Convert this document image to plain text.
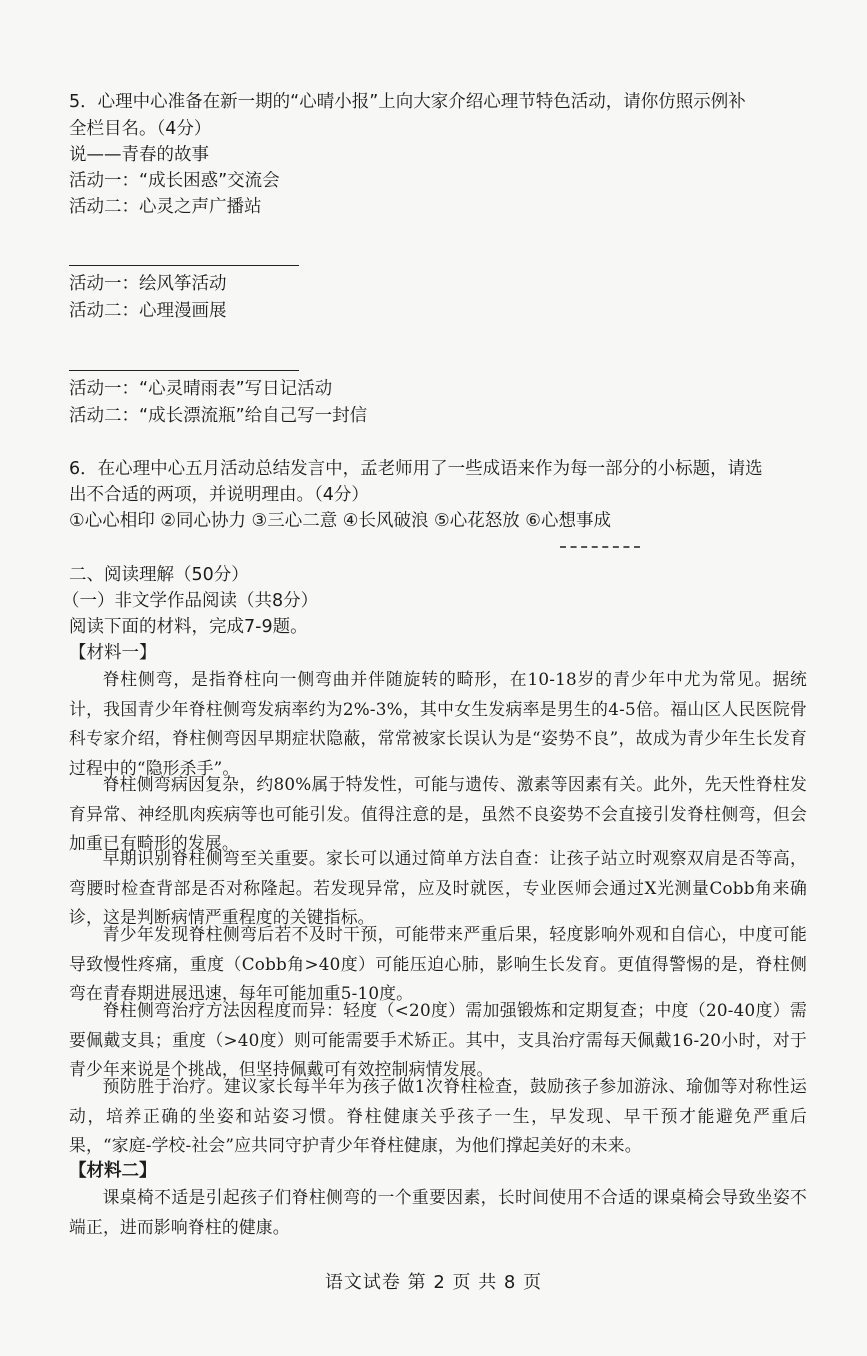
5．心理中心准备在新一期的“心晴小报”上向大家介绍心理节特色活动，请你仿照示例补
全栏目名。（4分）
说——青春的故事
活动一：“成长困惑”交流会
活动二：心灵之声广播站
活动一：绘风筝活动
活动二：心理漫画展
活动一：“心灵晴雨表”写日记活动
活动二：“成长漂流瓶”给自己写一封信
6．在心理中心五月活动总结发言中，孟老师用了一些成语来作为每一部分的小标题，请选
出不合适的两项，并说明理由。（4分）
①心心相印 ②同心协力 ③三心二意 ④长风破浪 ⑤心花怒放 ⑥心想事成
二、阅读理解（50分）
（一）非文学作品阅读（共8分）
阅读下面的材料，完成7-9题。
【材料一】
脊柱侧弯，是指脊柱向一侧弯曲并伴随旋转的畸形，在10-18岁的青少年中尤为常见。据统计，我国青少年脊柱侧弯发病率约为2%-3%，其中女生发病率是男生的4-5倍。福山区人民医院骨科专家介绍，脊柱侧弯因早期症状隐蔽，常常被家长误认为是“姿势不良”，故成为青少年生长发育过程中的“隐形杀手”。
脊柱侧弯病因复杂，约80%属于特发性，可能与遗传、激素等因素有关。此外，先天性脊柱发育异常、神经肌肉疾病等也可能引发。值得注意的是，虽然不良姿势不会直接引发脊柱侧弯，但会加重已有畸形的发展。
早期识别脊柱侧弯至关重要。家长可以通过简单方法自查：让孩子站立时观察双肩是否等高，弯腰时检查背部是否对称隆起。若发现异常，应及时就医，专业医师会通过X光测量Cobb角来确诊，这是判断病情严重程度的关键指标。
青少年发现脊柱侧弯后若不及时干预，可能带来严重后果，轻度影响外观和自信心，中度可能导致慢性疼痛，重度（Cobb角>40度）可能压迫心肺，影响生长发育。更值得警惕的是，脊柱侧弯在青春期进展迅速，每年可能加重5-10度。
脊柱侧弯治疗方法因程度而异：轻度（<20度）需加强锻炼和定期复查；中度（20-40度）需要佩戴支具；重度（>40度）则可能需要手术矫正。其中，支具治疗需每天佩戴16-20小时，对于青少年来说是个挑战，但坚持佩戴可有效控制病情发展。
预防胜于治疗。建议家长每半年为孩子做1次脊柱检查，鼓励孩子参加游泳、瑜伽等对称性运动，培养正确的坐姿和站姿习惯。脊柱健康关乎孩子一生，早发现、早干预才能避免严重后果，“家庭-学校-社会”应共同守护青少年脊柱健康，为他们撑起美好的未来。
【材料二】
课桌椅不适是引起孩子们脊柱侧弯的一个重要因素，长时间使用不合适的课桌椅会导致坐姿不端正，进而影响脊柱的健康。
语文试卷 第 2 页 共 8 页
